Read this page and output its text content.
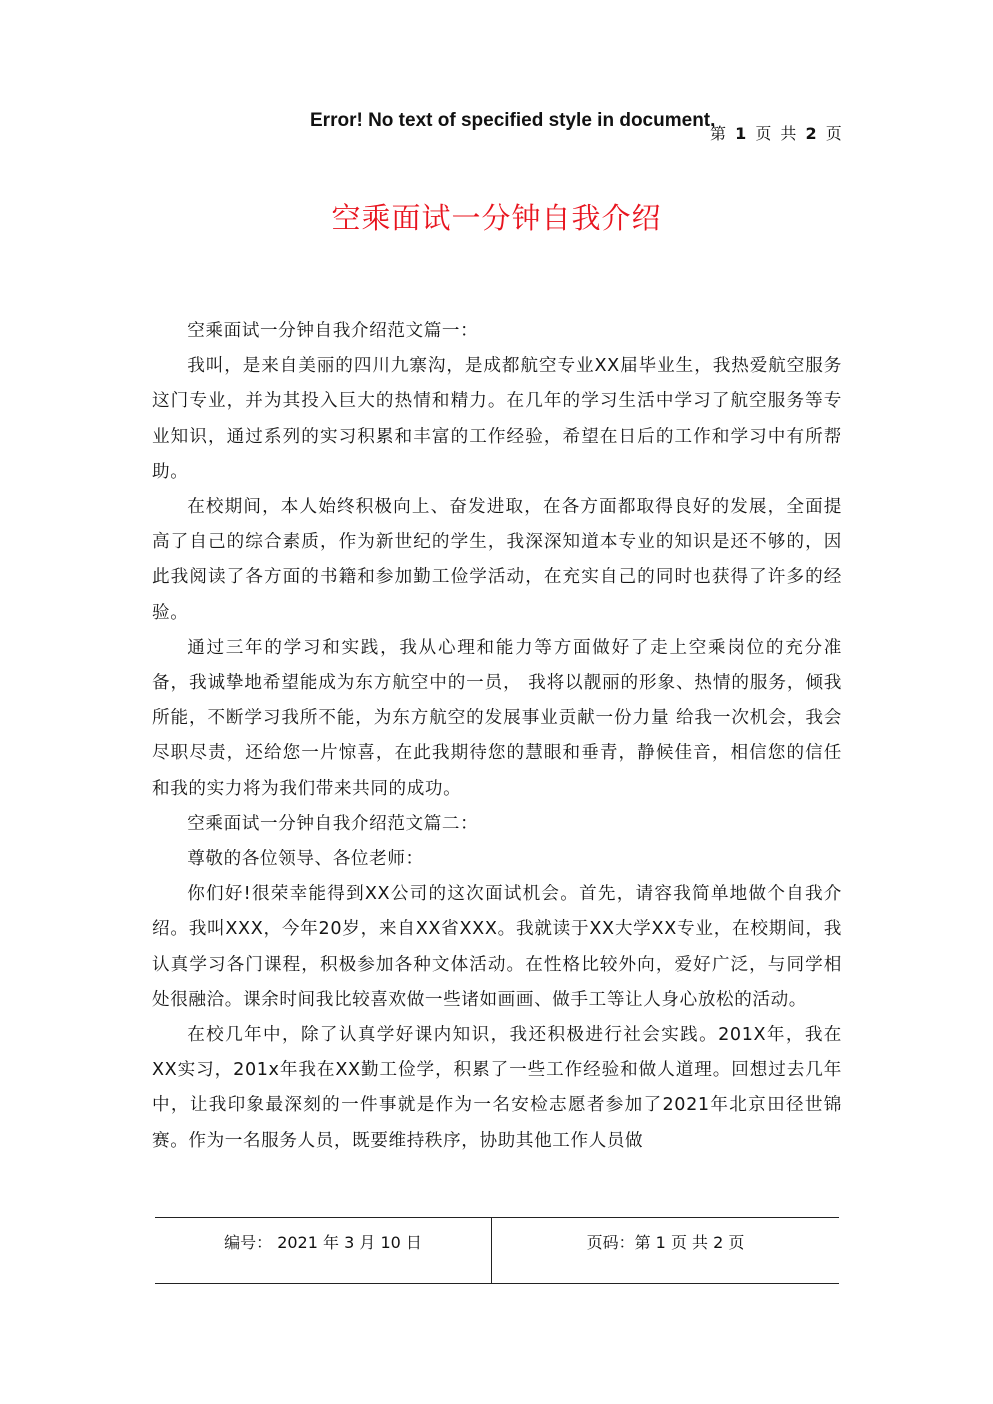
Error! No text of specified style in document.
第 1 页 共 2 页
空乘面试一分钟自我介绍

空乘面试一分钟自我介绍范文篇一：

我叫，是来自美丽的四川九寨沟，是成都航空专业XX届毕业生，我热爱航空服务这门专业，并为其投入巨大的热情和精力。在几年的学习生活中学习了航空服务等专业知识，通过系列的实习积累和丰富的工作经验，希望在日后的工作和学习中有所帮助。

在校期间，本人始终积极向上、奋发进取，在各方面都取得良好的发展，全面提高了自己的综合素质，作为新世纪的学生，我深深知道本专业的知识是还不够的，因此我阅读了各方面的书籍和参加勤工俭学活动，在充实自己的同时也获得了许多的经验。

通过三年的学习和实践，我从心理和能力等方面做好了走上空乘岗位的充分准备，我诚挚地希望能成为东方航空中的一员， 我将以靓丽的形象、热情的服务，倾我所能，不断学习我所不能，为东方航空的发展事业贡献一份力量 给我一次机会，我会尽职尽责，还给您一片惊喜，在此我期待您的慧眼和垂青，静候佳音，相信您的信任和我的实力将为我们带来共同的成功。

空乘面试一分钟自我介绍范文篇二：

尊敬的各位领导、各位老师：

你们好!很荣幸能得到XX公司的这次面试机会。首先，请容我简单地做个自我介绍。我叫XXX，今年20岁，来自XX省XXX。我就读于XX大学XX专业，在校期间，我认真学习各门课程，积极参加各种文体活动。在性格比较外向，爱好广泛，与同学相处很融洽。课余时间我比较喜欢做一些诸如画画、做手工等让人身心放松的活动。

在校几年中，除了认真学好课内知识，我还积极进行社会实践。201X年，我在XX实习，201x年我在XX勤工俭学，积累了一些工作经验和做人道理。回想过去几年中，让我印象最深刻的一件事就是作为一名安检志愿者参加了2021年北京田径世锦赛。作为一名服务人员，既要维持秩序，协助其他工作人员做

编号： 2021 年 3 月 10 日	页码：第 1 页 共 2 页
